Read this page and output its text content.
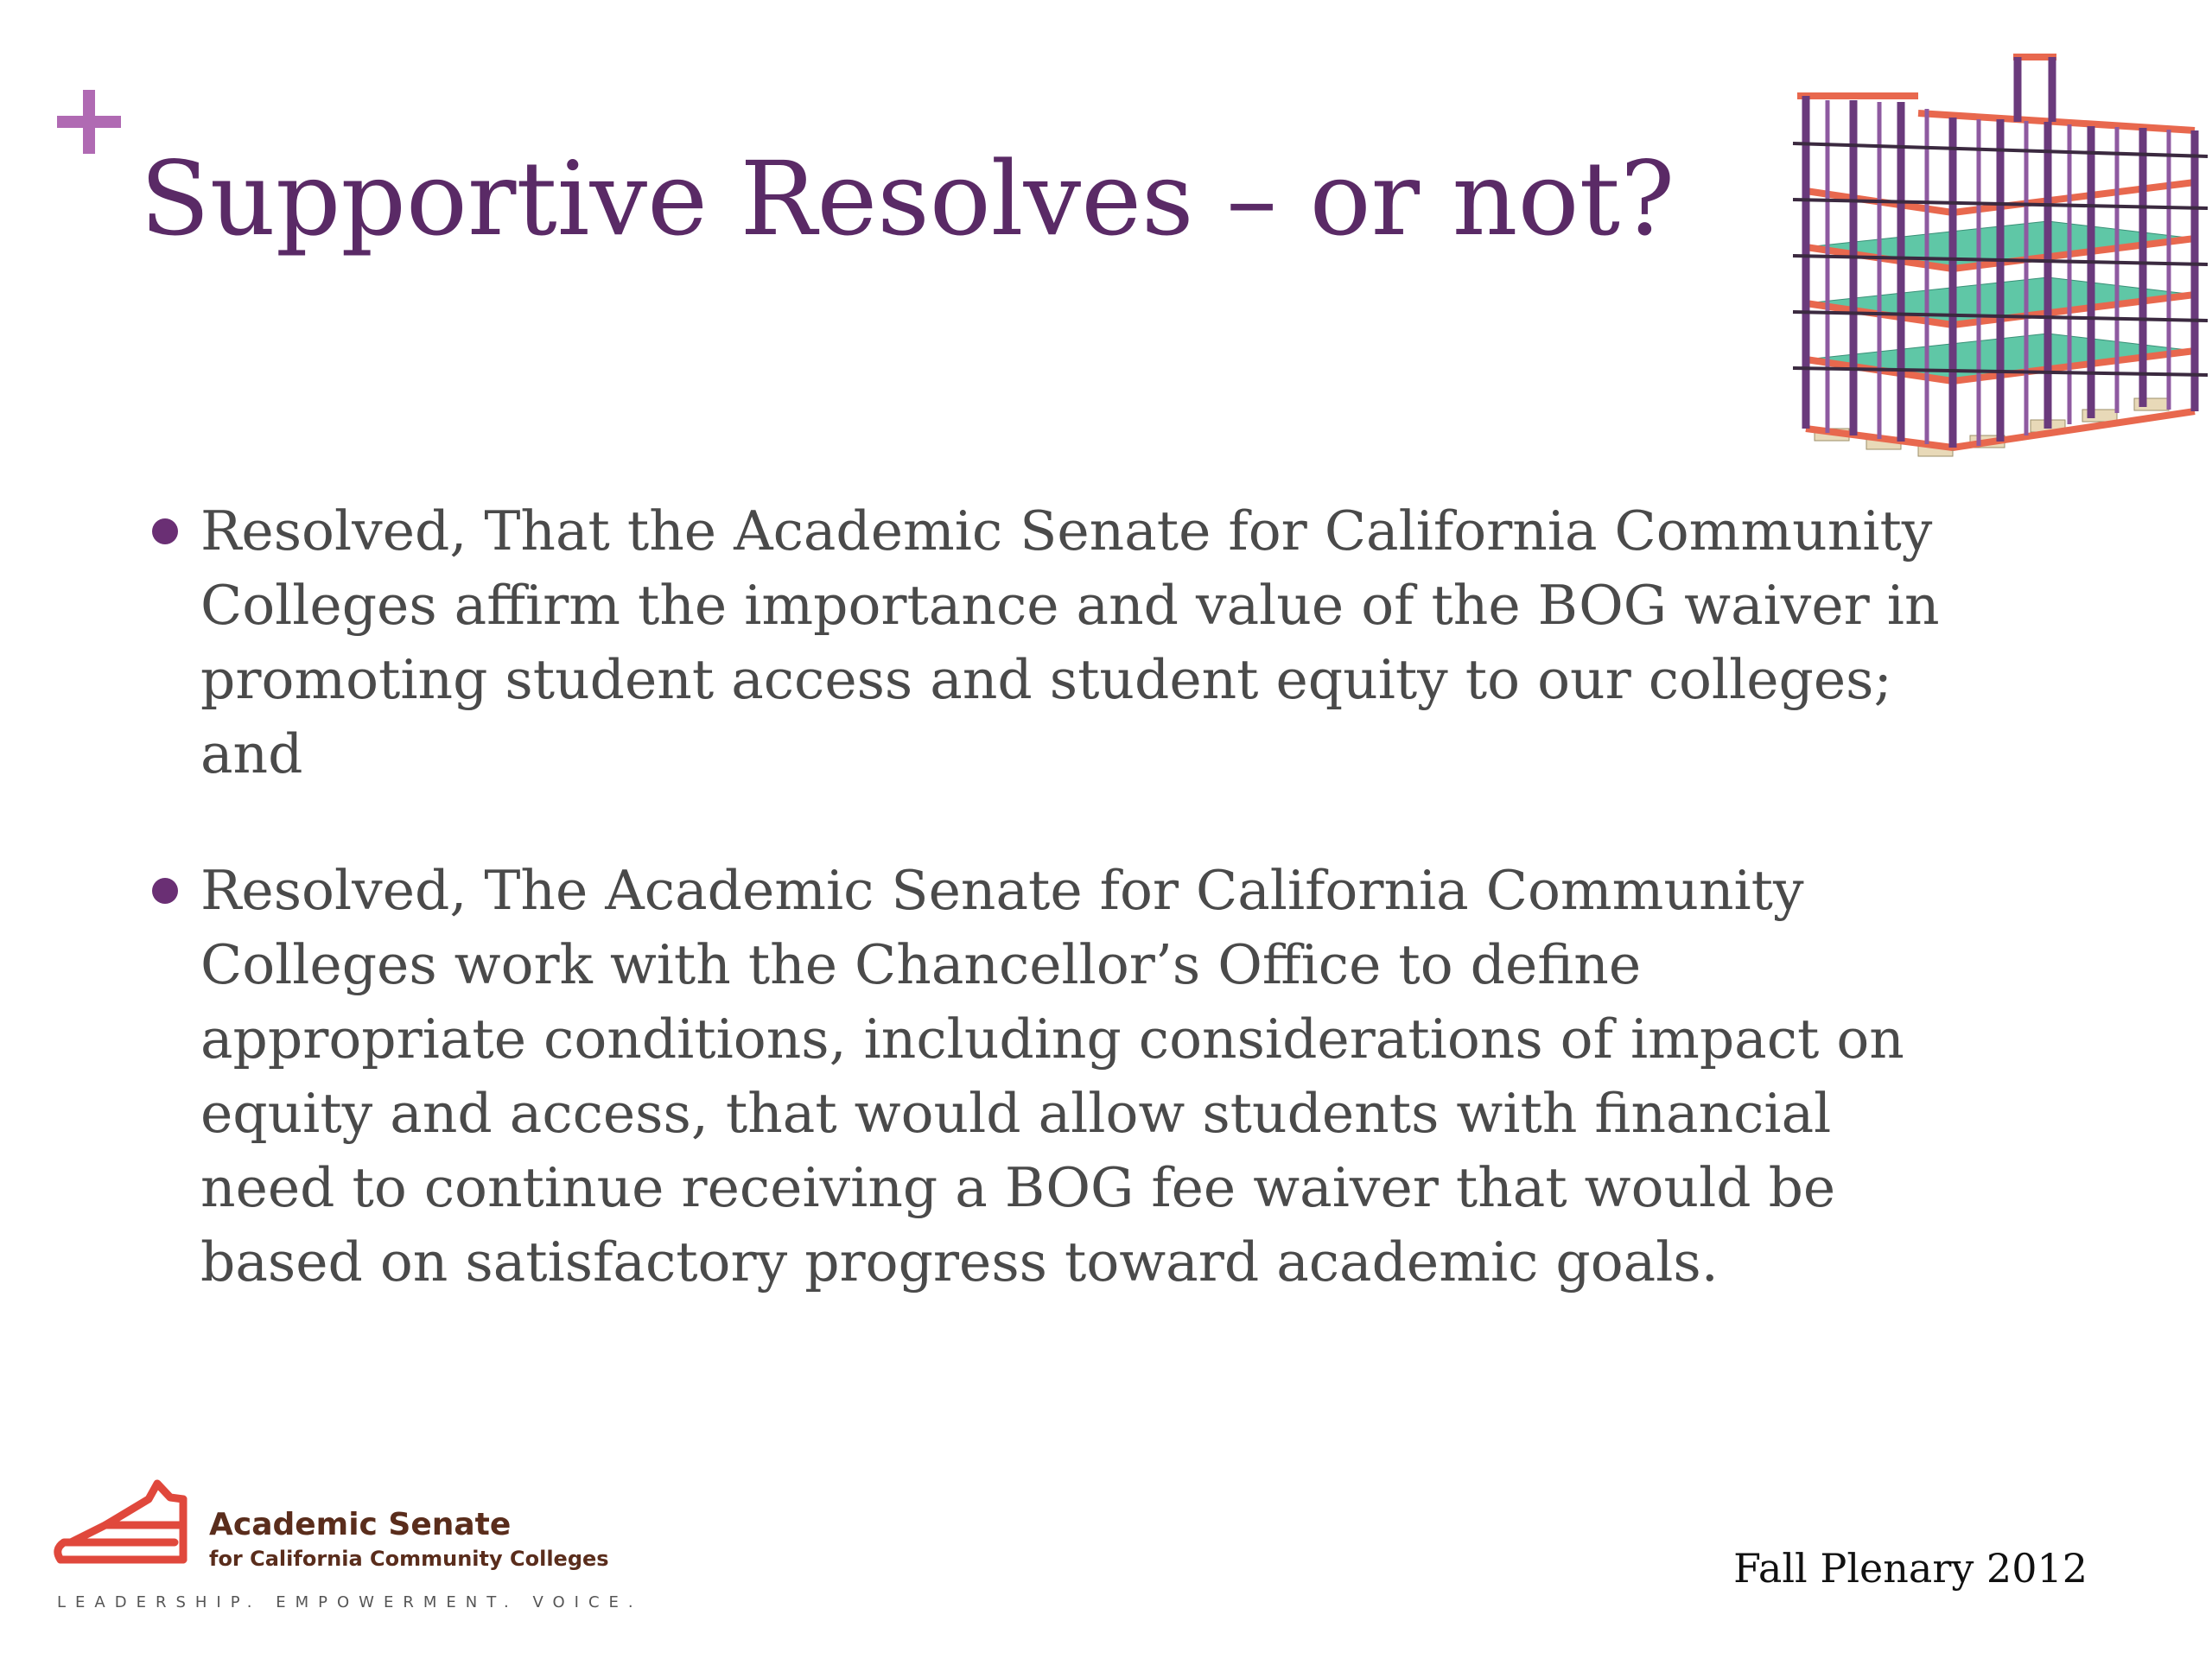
Supportive Resolves – or not?
Resolved, That the Academic Senate for California Community Colleges affirm the importance and value of the BOG waiver in promoting student access and student equity to our colleges; and
Resolved, The Academic Senate for California Community Colleges work with the Chancellor’s Office to define appropriate conditions, including considerations of impact on equity and access, that would allow students with financial need to continue receiving a BOG fee waiver that would be based on satisfactory progress toward academic goals.
Academic Senate
for California Community Colleges
LEADERSHIP. EMPOWERMENT. VOICE.
Fall Plenary 2012
